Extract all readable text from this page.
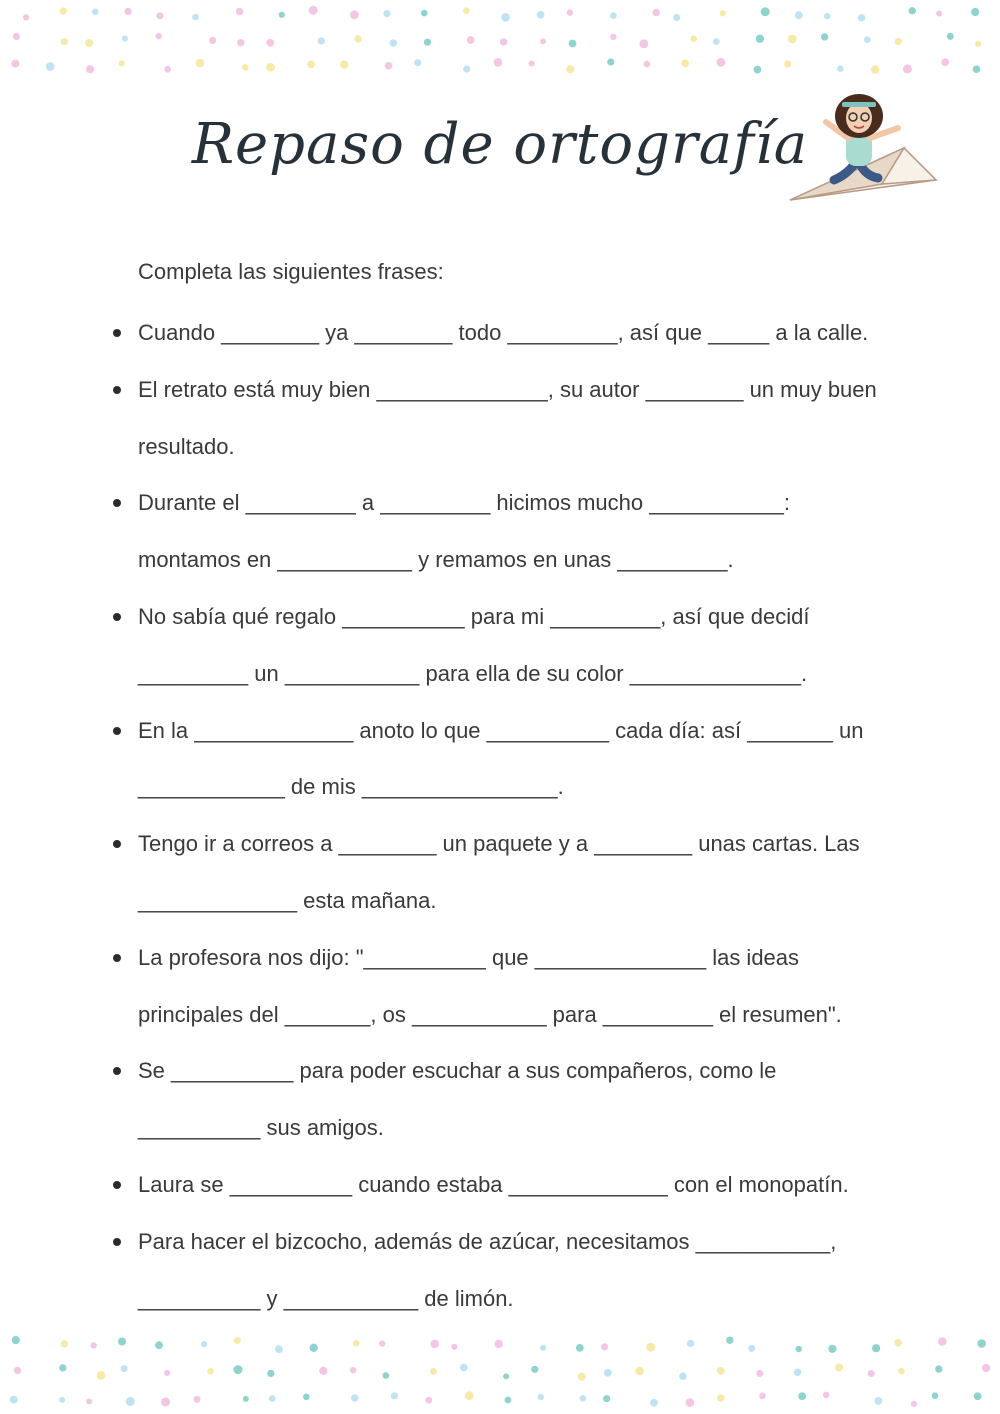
Repaso de ortografía
Completa las siguientes frases:
Cuando ________ ya ________ todo _________, así que _____ a la calle.
El retrato está muy bien ______________, su autor ________ un muy buen
resultado.
Durante el _________ a _________ hicimos mucho ___________:
montamos en ___________ y remamos en unas _________.
No sabía qué regalo __________ para mi _________, así que decidí
_________ un ___________ para ella de su color ______________.
En la _____________ anoto lo que __________ cada día: así _______ un
____________ de mis ________________.
Tengo ir a correos a ________ un paquete y a ________ unas cartas. Las
_____________ esta mañana.
La profesora nos dijo: "__________ que ______________ las ideas
principales del _______, os ___________ para _________ el resumen".
Se __________ para poder escuchar a sus compañeros, como le
__________ sus amigos.
Laura se __________ cuando estaba _____________ con el monopatín.
Para hacer el bizcocho, además de azúcar, necesitamos ___________,
__________ y ___________ de limón.
